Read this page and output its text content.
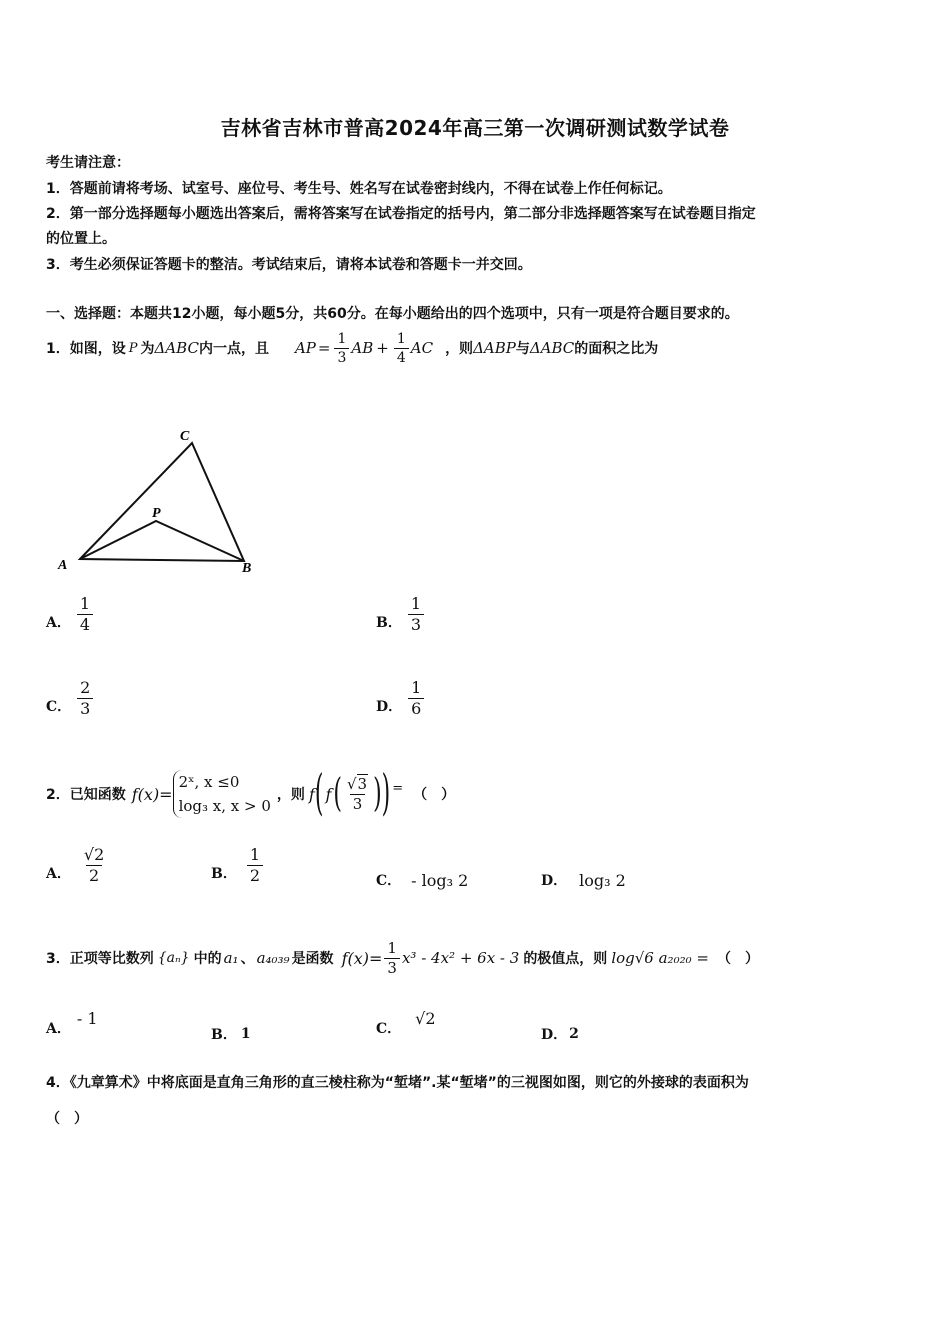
吉林省吉林市普高2024年高三第一次调研测试数学试卷
考生请注意：
1．答题前请将考场、试室号、座位号、考生号、姓名写在试卷密封线内，不得在试卷上作任何标记。
2．第一部分选择题每小题选出答案后，需将答案写在试卷指定的括号内，第二部分非选择题答案写在试卷题目指定
的位置上。
3．考生必须保证答题卡的整洁。考试结束后，请将本试卷和答题卡一并交回。
一、选择题：本题共12小题，每小题5分，共60分。在每小题给出的四个选项中，只有一项是符合题目要求的。
1．如图，设 P 为 ΔABC 内一点，且 AP = $\frac{1}{3}$ AB + $\frac{1}{4}$ AC ，则 ΔABP 与 ΔABC 的面积之比为
A	B
C
P
A． $\frac{1}{4}$	B． $\frac{1}{3}$
C． $\frac{2}{3}$	D． $\frac{1}{6}$
2．已知函数 f(x)=
2ˣ, x ≤0
log₃ x, x > 0
，则 f ( f ( $\frac{√3}{3}$ ) ) = （　）
A． $\frac{√2}{2}$	B． $\frac{1}{2}$	C． - log₃ 2	D． log₃ 2
3．正项等比数列 {aₙ} 中的 a₁ 、 a₄₀₃₉ 是函数 $f(x)= \frac{1}{3} x^3 - 4x^2 + 6x - 3$ 的极值点，则 log√6 a₂₀₂₀ = （　）
A．
- 1
B． 1	C．
√2
D． 2
4．《九章算术》中将底面是直角三角形的直三棱柱称为“堑堵”.某“堑堵”的三视图如图，则它的外接球的表面积为
（　）
